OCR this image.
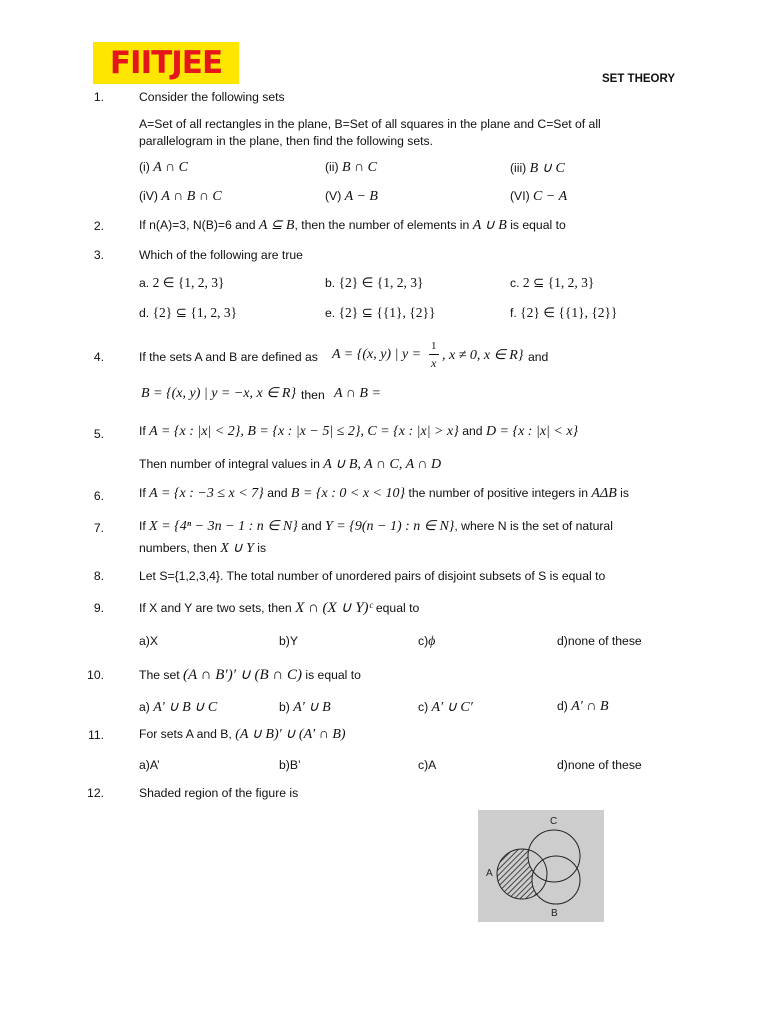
FIITJEE	SET THEORY
1.	Consider the following sets
A=Set of all rectangles in the plane, B=Set of all squares in the plane and C=Set of all
parallelogram in the plane, then find the following sets.
(i) A ∩ C	(ii) B ∩ C	(iii) B ∪ C
(iV) A ∩ B ∩ C	(V) A − B	(VI) C − A
2.	If n(A)=3, N(B)=6 and A ⊆ B, then the number of elements in A ∪ B is equal to
3.	Which of the following are true
a. 2 ∈ {1, 2, 3}	b. {2} ∈ {1, 2, 3}	c. 2 ⊆ {1, 2, 3}
d. {2} ⊆ {1, 2, 3}	e. {2} ⊆ {{1}, {2}}	f. {2} ∈ {{1}, {2}}
4.	If the sets A and B are defined as A = {(x, y) | y =
1
x , x ≠ 0, x ∈ R} and
B = {(x, y) | y = −x, x ∈ R} then A ∩ B =
5.	If A = {x : |x| < 2}, B = {x : |x − 5| ≤ 2}, C = {x : |x| > x} and D = {x : |x| < x}
Then number of integral values in A ∪ B, A ∩ C, A ∩ D
6.	If A = {x : −3 ≤ x < 7} and B = {x : 0 < x < 10} the number of positive integers in AΔB is
7.	If X = {4ⁿ − 3n − 1 : n ∈ N} and Y = {9(n − 1) : n ∈ N}, where N is the set of natural
numbers, then X ∪ Y is
8.	Let S={1,2,3,4}. The total number of unordered pairs of disjoint subsets of S is equal to
9.	If X and Y are two sets, then X ∩ (X ∪ Y)ᶜ equal to
a)X	b)Y	c)ϕ	d)none of these
10.	The set (A ∩ B′)′ ∪ (B ∩ C) is equal to
a) A′ ∪ B ∪ C	b) A′ ∪ B	c) A′ ∪ C′	d) A′ ∩ B
11.	For sets A and B, (A ∪ B)′ ∪ (A′ ∩ B)
a)A’	b)B’	c)A	d)none of these
12.	Shaded region of the figure is
A
C
B
